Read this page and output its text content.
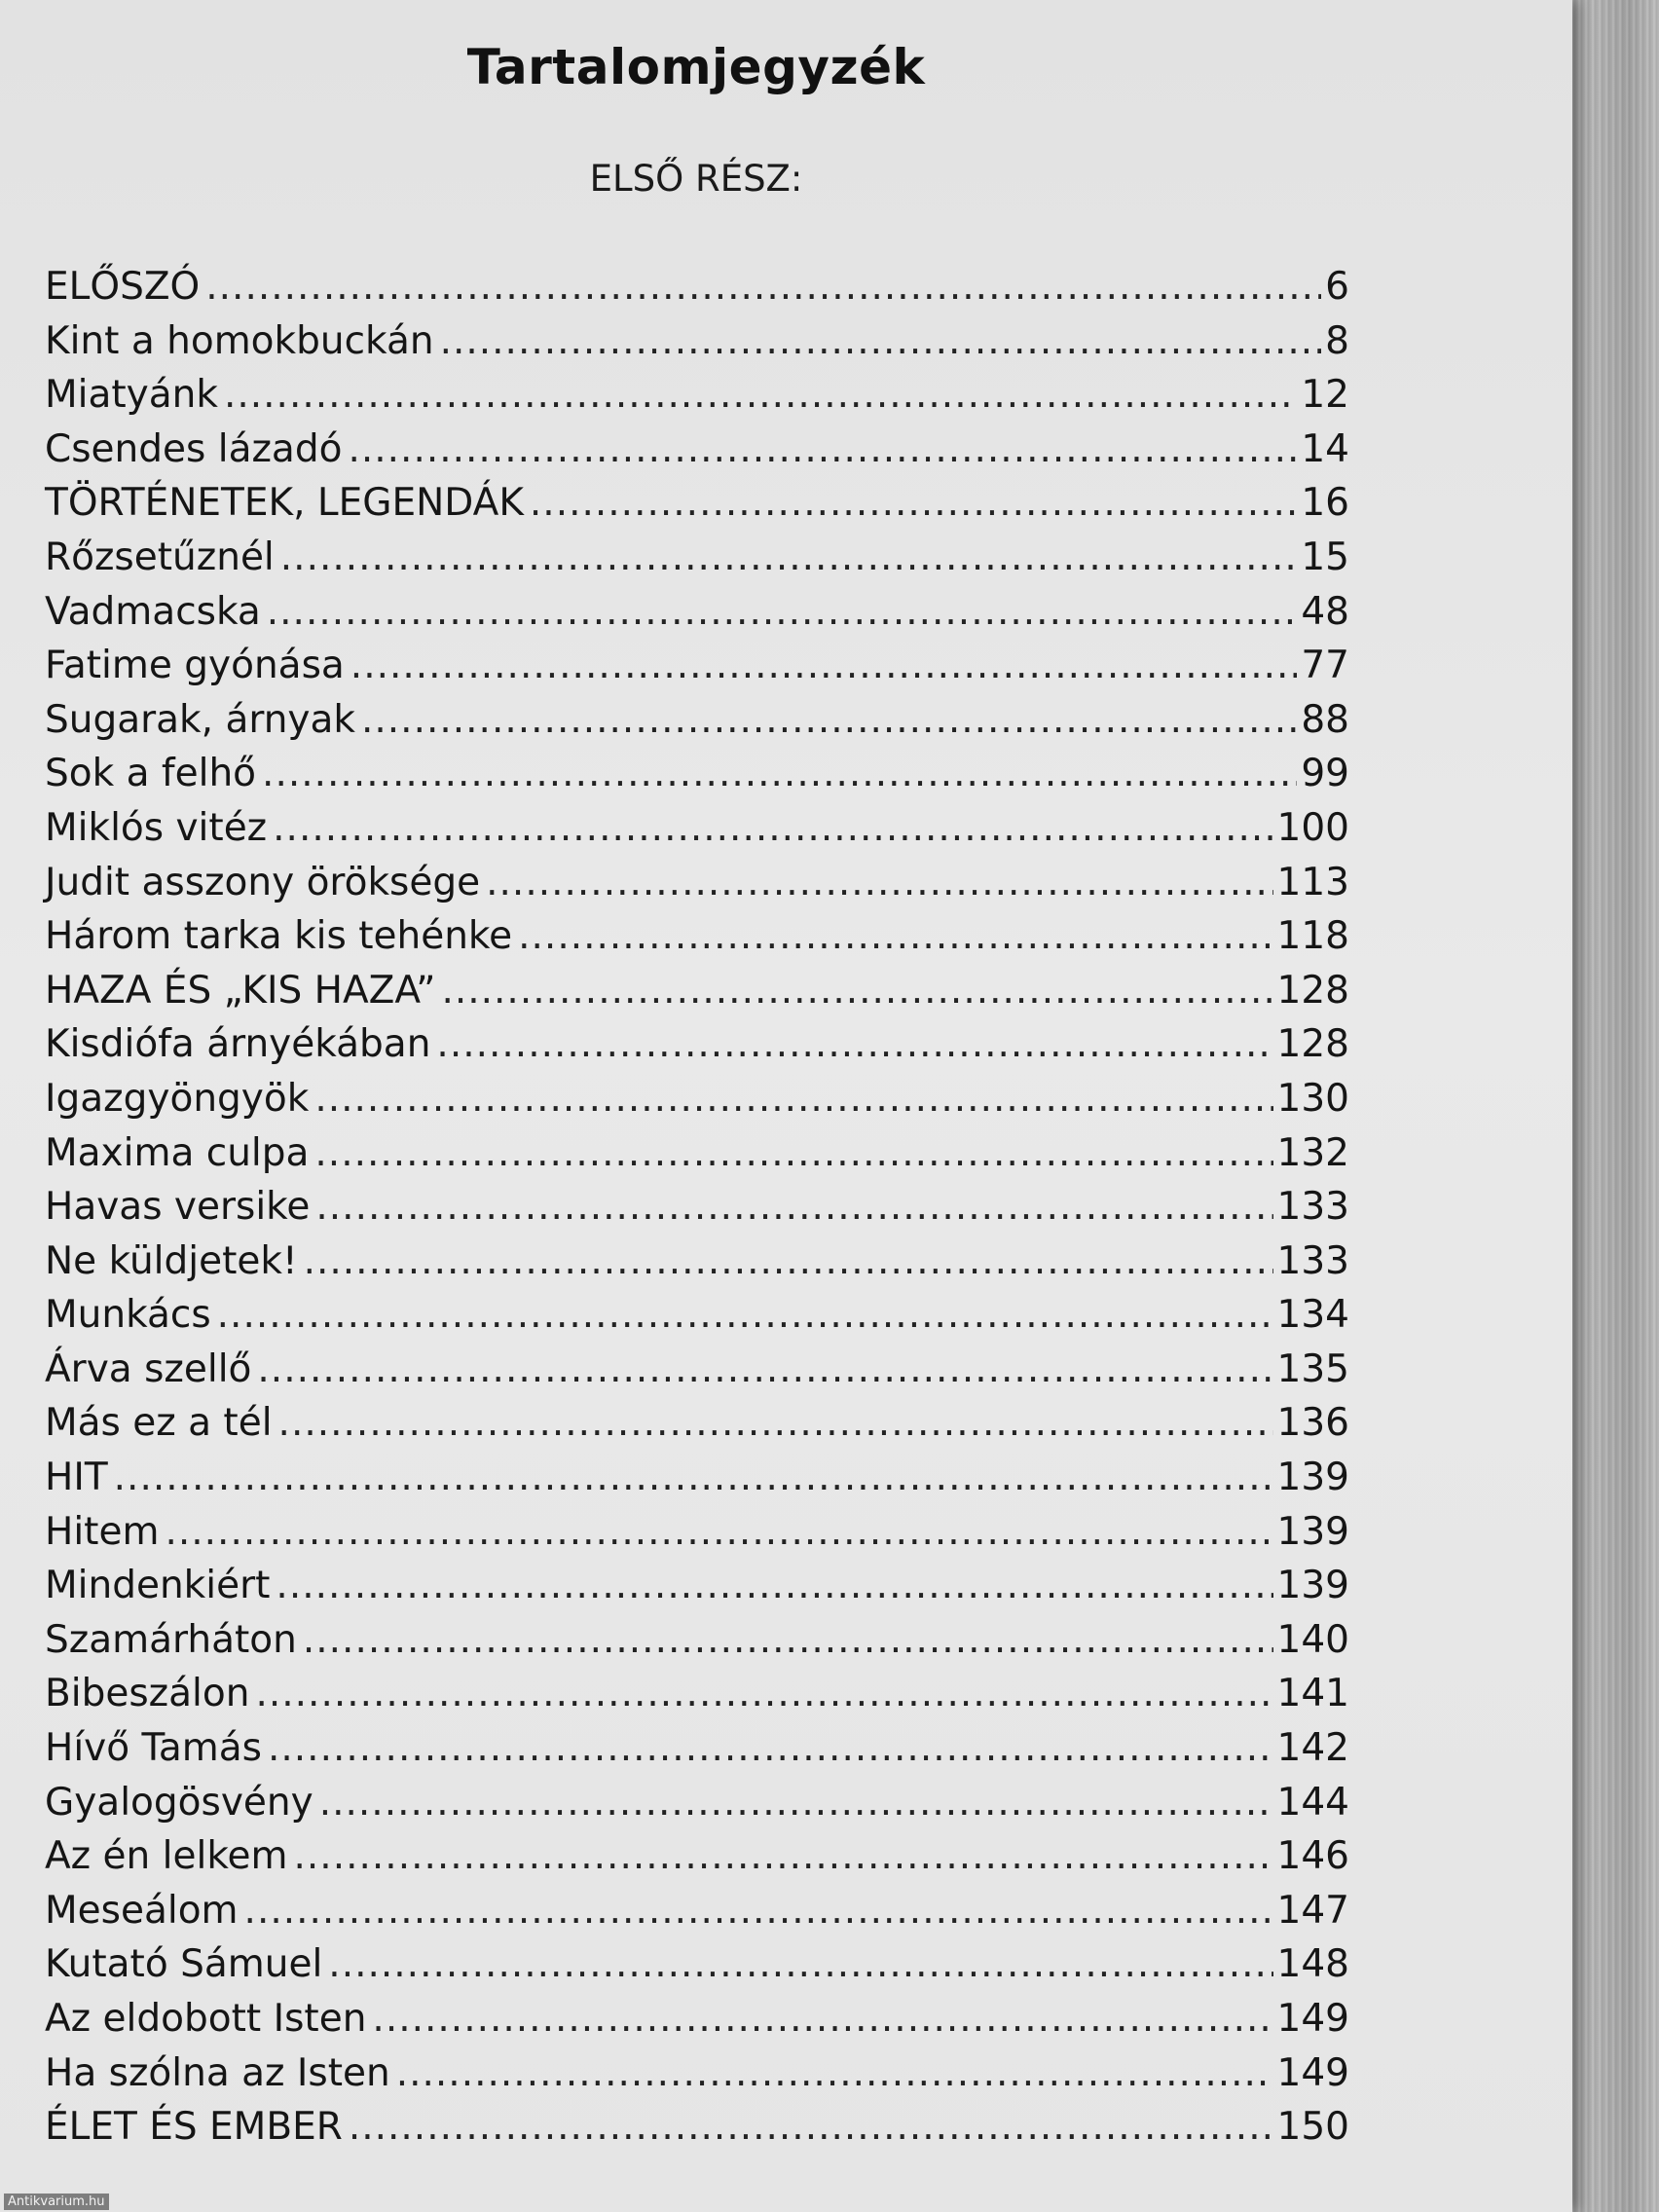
Tartalomjegyzék
ELSŐ RÉSZ:
ELŐSZÓ .....	6
Kint a homokbuckán .....	8
Miatyánk .....	12
Csendes lázadó .....	14
TÖRTÉNETEK, LEGENDÁK .....	16
Rőzsetűznél .....	15
Vadmacska .....	48
Fatime gyónása .....	77
Sugarak, árnyak .....	88
Sok a felhő .....	99
Miklós vitéz .....	100
Judit asszony öröksége .....	113
Három tarka kis tehénke .....	118
HAZA ÉS „KIS HAZA” .....	128
Kisdiófa árnyékában .....	128
Igazgyöngyök .....	130
Maxima culpa .....	132
Havas versike .....	133
Ne küldjetek! .....	133
Munkács .....	134
Árva szellő .....	135
Más ez a tél .....	136
HIT .....	139
Hitem .....	139
Mindenkiért .....	139
Szamárháton .....	140
Bibeszálon .....	141
Hívő Tamás .....	142
Gyalogösvény .....	144
Az én lelkem .....	146
Meseálom .....	147
Kutató Sámuel .....	148
Az eldobott Isten .....	149
Ha szólna az Isten .....	149
ÉLET ÉS EMBER .....	150
Antikvarium.hu
